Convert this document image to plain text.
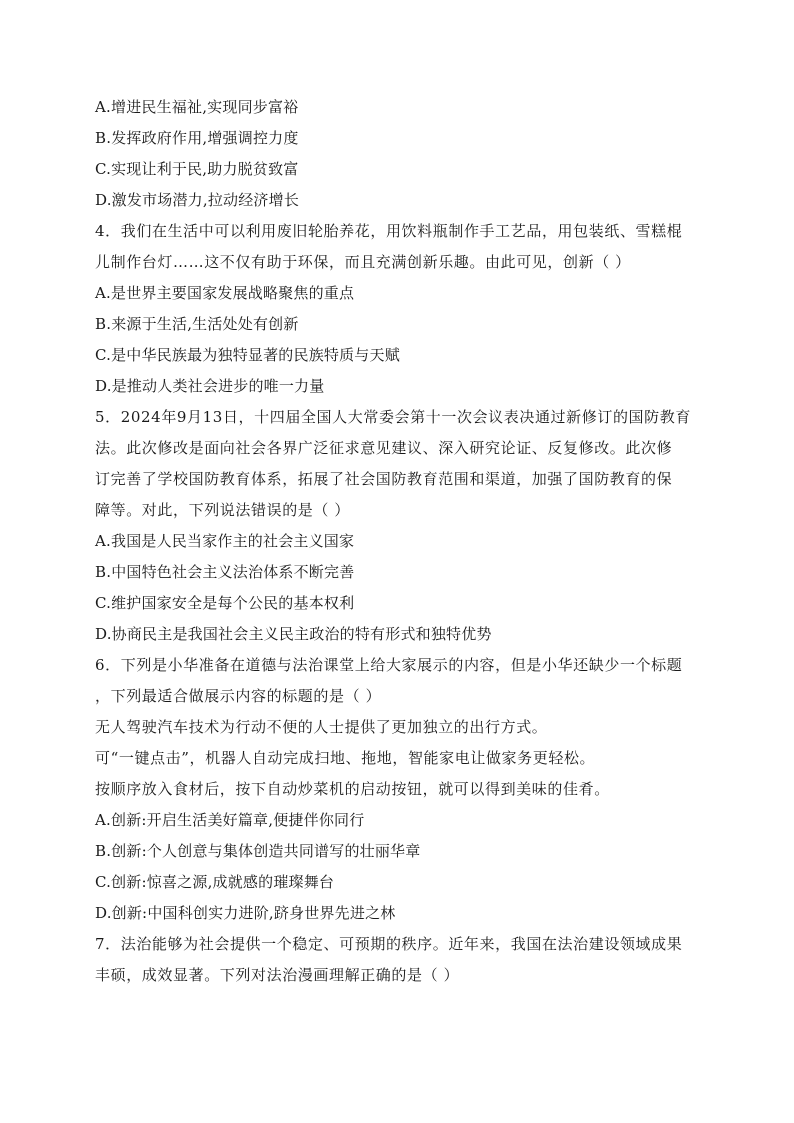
A.增进民生福祉,实现同步富裕
B.发挥政府作用,增强调控力度
C.实现让利于民,助力脱贫致富
D.激发市场潜力,拉动经济增长
4．我们在生活中可以利用废旧轮胎养花，用饮料瓶制作手工艺品，用包装纸、雪糕棍
儿制作台灯……这不仅有助于环保，而且充满创新乐趣。由此可见，创新（ ）
A.是世界主要国家发展战略聚焦的重点
B.来源于生活,生活处处有创新
C.是中华民族最为独特显著的民族特质与天赋
D.是推动人类社会进步的唯一力量
5．2024年9月13日，十四届全国人大常委会第十一次会议表决通过新修订的国防教育
法。此次修改是面向社会各界广泛征求意见建议、深入研究论证、反复修改。此次修
订完善了学校国防教育体系，拓展了社会国防教育范围和渠道，加强了国防教育的保
障等。对此，下列说法错误的是（ ）
A.我国是人民当家作主的社会主义国家
B.中国特色社会主义法治体系不断完善
C.维护国家安全是每个公民的基本权利
D.协商民主是我国社会主义民主政治的特有形式和独特优势
6．下列是小华准备在道德与法治课堂上给大家展示的内容，但是小华还缺少一个标题
，下列最适合做展示内容的标题的是（ ）
无人驾驶汽车技术为行动不便的人士提供了更加独立的出行方式。
可“一键点击”，机器人自动完成扫地、拖地，智能家电让做家务更轻松。
按顺序放入食材后，按下自动炒菜机的启动按钮，就可以得到美味的佳肴。
A.创新:开启生活美好篇章,便捷伴你同行
B.创新:个人创意与集体创造共同谱写的壮丽华章
C.创新:惊喜之源,成就感的璀璨舞台
D.创新:中国科创实力进阶,跻身世界先进之林
7．法治能够为社会提供一个稳定、可预期的秩序。近年来，我国在法治建设领域成果
丰硕，成效显著。下列对法治漫画理解正确的是（ ）
